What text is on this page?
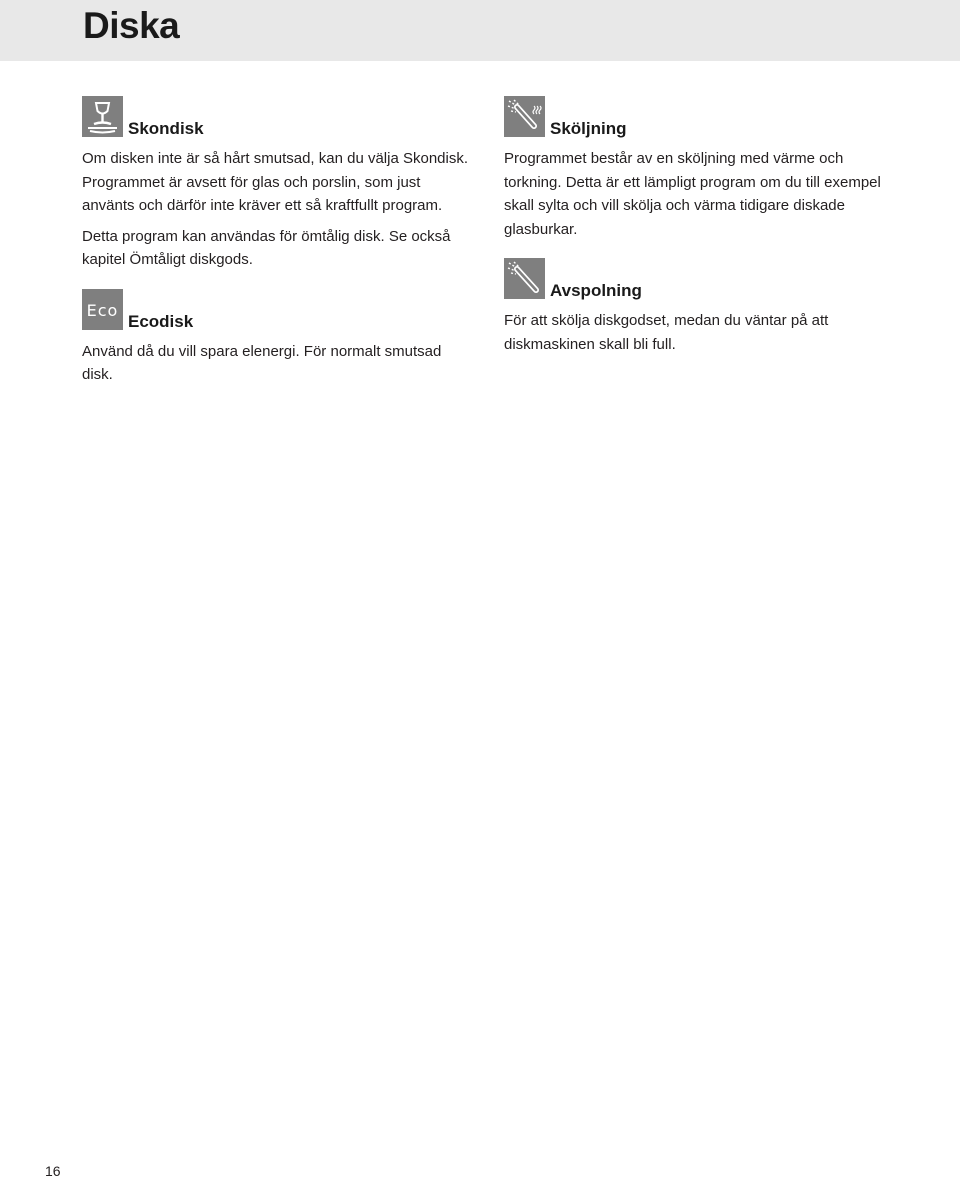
Diska
Skondisk

Om disken inte är så hårt smutsad, kan du välja Skondisk. Programmet är avsett för glas och porslin, som just använts och därför inte kräver ett så kraftfullt program.

Detta program kan användas för ömtålig disk. Se också kapitel Ömtåligt diskgods.

Eco
Ecodisk

Använd då du vill spara elenergi. För normalt smutsad disk.

Sköljning

Programmet består av en sköljning med värme och torkning. Detta är ett lämpligt program om du till exempel skall sylta och vill skölja och värma tidigare diskade glasburkar.

Avspolning

För att skölja diskgodset, medan du väntar på att diskmaskinen skall bli full.

16
